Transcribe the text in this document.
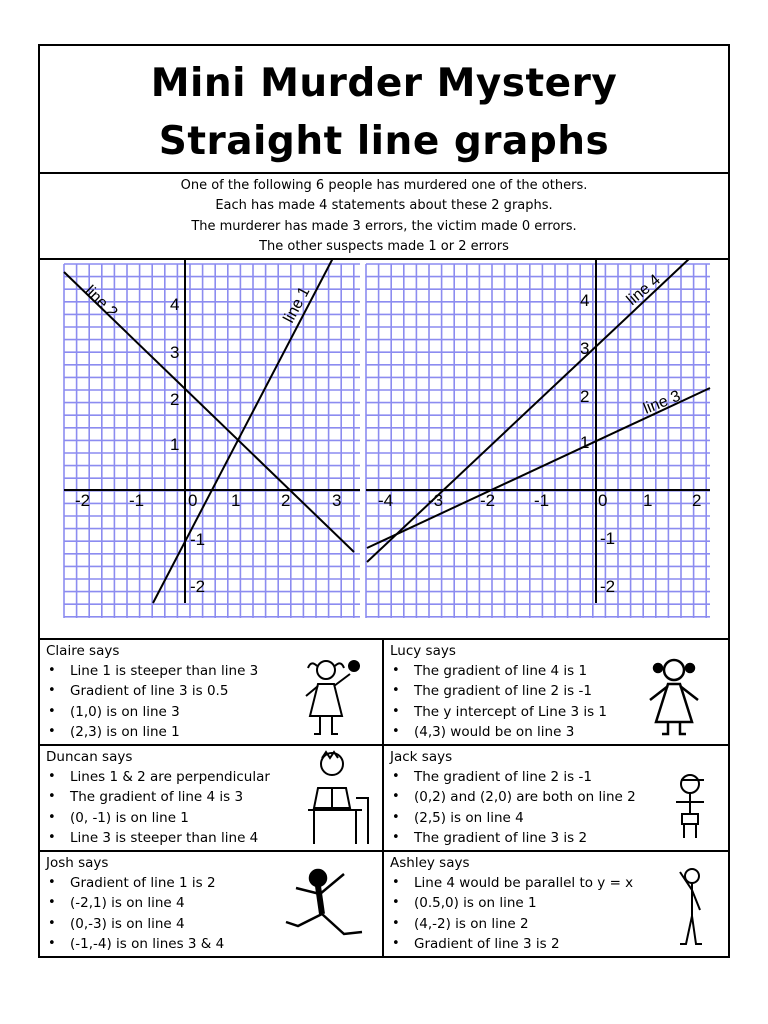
Mini Murder Mystery
Straight line graphs
One of the following 6 people has murdered one of the others.
Each has made 4 statements about these 2 graphs.
The murderer has made 3 errors, the victim made 0 errors.
The other suspects made 1 or 2 errors
line 2	line 1
-2 -1	0 1 2 3
4
3
2
1
-1
-2
line 4
line 3
-4 -3 -2 -1	0 1 2
4
3
2
1
-1
-2
Claire says
• Line 1 is steeper than line 3
• Gradient of line 3 is 0.5
• (1,0) is on line 3
• (2,3) is on line 1
Lucy says
• The gradient of line 4 is 1
• The gradient of line 2 is -1
• The y intercept of Line 3 is 1
• (4,3) would be on line 3
Duncan says
• Lines 1 & 2 are perpendicular
• The gradient of line 4 is 3
• (0, -1) is on line 1
• Line 3 is steeper than line 4
Jack says
• The gradient of line 2 is -1
• (0,2) and (2,0) are both on line 2
• (2,5) is on line 4
• The gradient of line 3 is 2
Josh says
• Gradient of line 1 is 2
• (-2,1) is on line 4
• (0,-3) is on line 4
• (-1,-4) is on lines 3 & 4
Ashley says
• Line 4 would be parallel to y = x
• (0.5,0) is on line 1
• (4,-2) is on line 2
• Gradient of line 3 is 2
